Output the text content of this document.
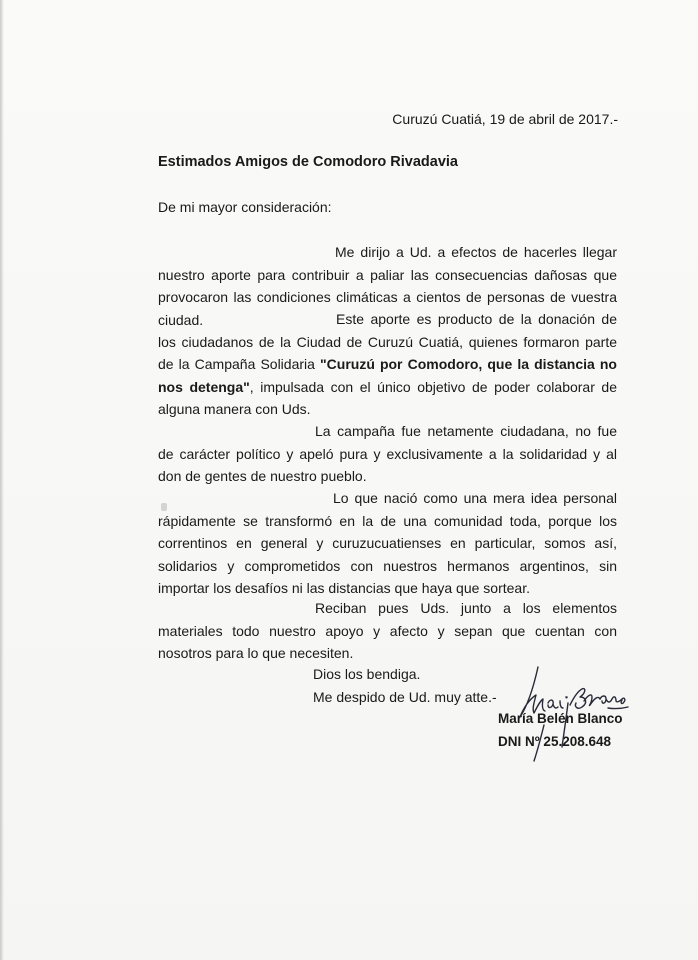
Curuzú Cuatiá, 19 de abril de 2017.-
Estimados Amigos de Comodoro Rivadavia
De mi mayor consideración:
Me dirijo a Ud. a efectos de hacerles llegar nuestro aporte para contribuir a paliar las consecuencias dañosas que provocaron las condiciones climáticas a cientos de personas de vuestra ciudad.	Este aporte es producto de la donación de los ciudadanos de la Ciudad de Curuzú Cuatiá, quienes formaron parte de la Campaña Solidaria "Curuzú por Comodoro, que la distancia no nos detenga", impulsada con el único objetivo de poder colaborar de alguna manera con Uds.
La campaña fue netamente ciudadana, no fue de carácter político y apeló pura y exclusivamente a la solidaridad y al don de gentes de nuestro pueblo.
Lo que nació como una mera idea personal rápidamente se transformó en la de una comunidad toda, porque los correntinos en general y curuzucuatienses en particular, somos así, solidarios y comprometidos con nuestros hermanos argentinos, sin importar los desafíos ni las distancias que haya que sortear.
Reciban pues Uds. junto a los elementos materiales todo nuestro apoyo y afecto y sepan que cuentan con nosotros para lo que necesiten.
Dios los bendiga.
Me despido de Ud. muy atte.-
María Belén Blanco
DNI Nº 25.208.648
